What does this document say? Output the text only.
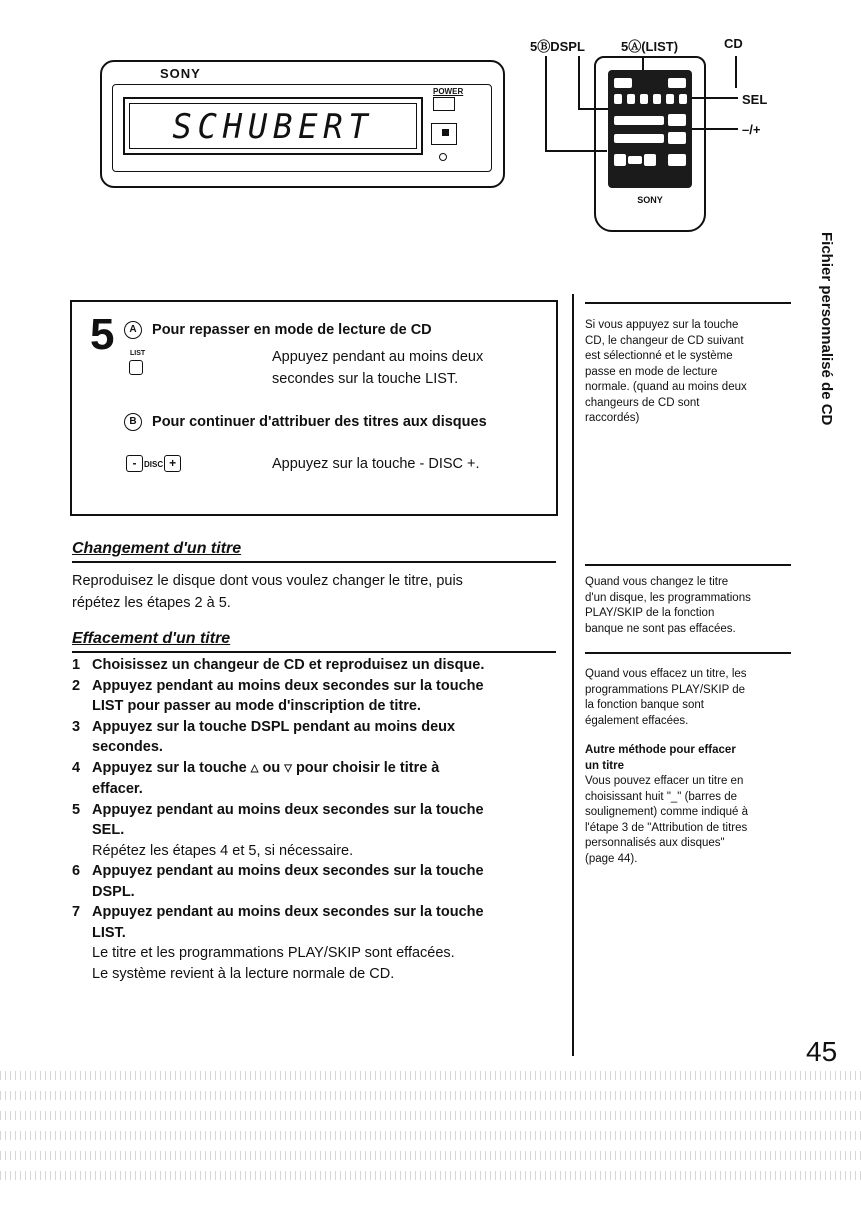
SONY
SCHUBERT
POWER
5ⒷDSPL	5Ⓐ(LIST)	CD
SEL
–/+
SONY
Fichier personnalisé de CD
5	A Pour repasser en mode de lecture de CD
LIST	Appuyez pendant au moins deux
secondes sur la touche LIST.
B Pour continuer d'attribuer des titres aux disques
- DISC +	Appuyez sur la touche - DISC +.
Changement d'un titre
Reproduisez le disque dont vous voulez changer le titre, puis
répétez les étapes 2 à 5.
Effacement d'un titre
1 Choisissez un changeur de CD et reproduisez un disque.
2 Appuyez pendant au moins deux secondes sur la touche
LIST pour passer au mode d'inscription de titre.
3 Appuyez sur la touche DSPL pendant au moins deux
secondes.
4 Appuyez sur la touche △ ou ▽ pour choisir le titre à
effacer.
5 Appuyez pendant au moins deux secondes sur la touche
SEL.
Répétez les étapes 4 et 5, si nécessaire.
6 Appuyez pendant au moins deux secondes sur la touche
DSPL.
7 Appuyez pendant au moins deux secondes sur la touche
LIST.
Le titre et les programmations PLAY/SKIP sont effacées.
Le système revient à la lecture normale de CD.
Si vous appuyez sur la touche
CD, le changeur de CD suivant
est sélectionné et le système
passe en mode de lecture
normale. (quand au moins deux
changeurs de CD sont
raccordés)
Quand vous changez le titre
d'un disque, les programmations
PLAY/SKIP de la fonction
banque ne sont pas effacées.
Quand vous effacez un titre, les
programmations PLAY/SKIP de
la fonction banque sont
également effacées.
Autre méthode pour effacer
un titre
Vous pouvez effacer un titre en
choisissant huit "_" (barres de
soulignement) comme indiqué à
l'étape 3 de "Attribution de titres
personnalisés aux disques"
(page 44).
45
